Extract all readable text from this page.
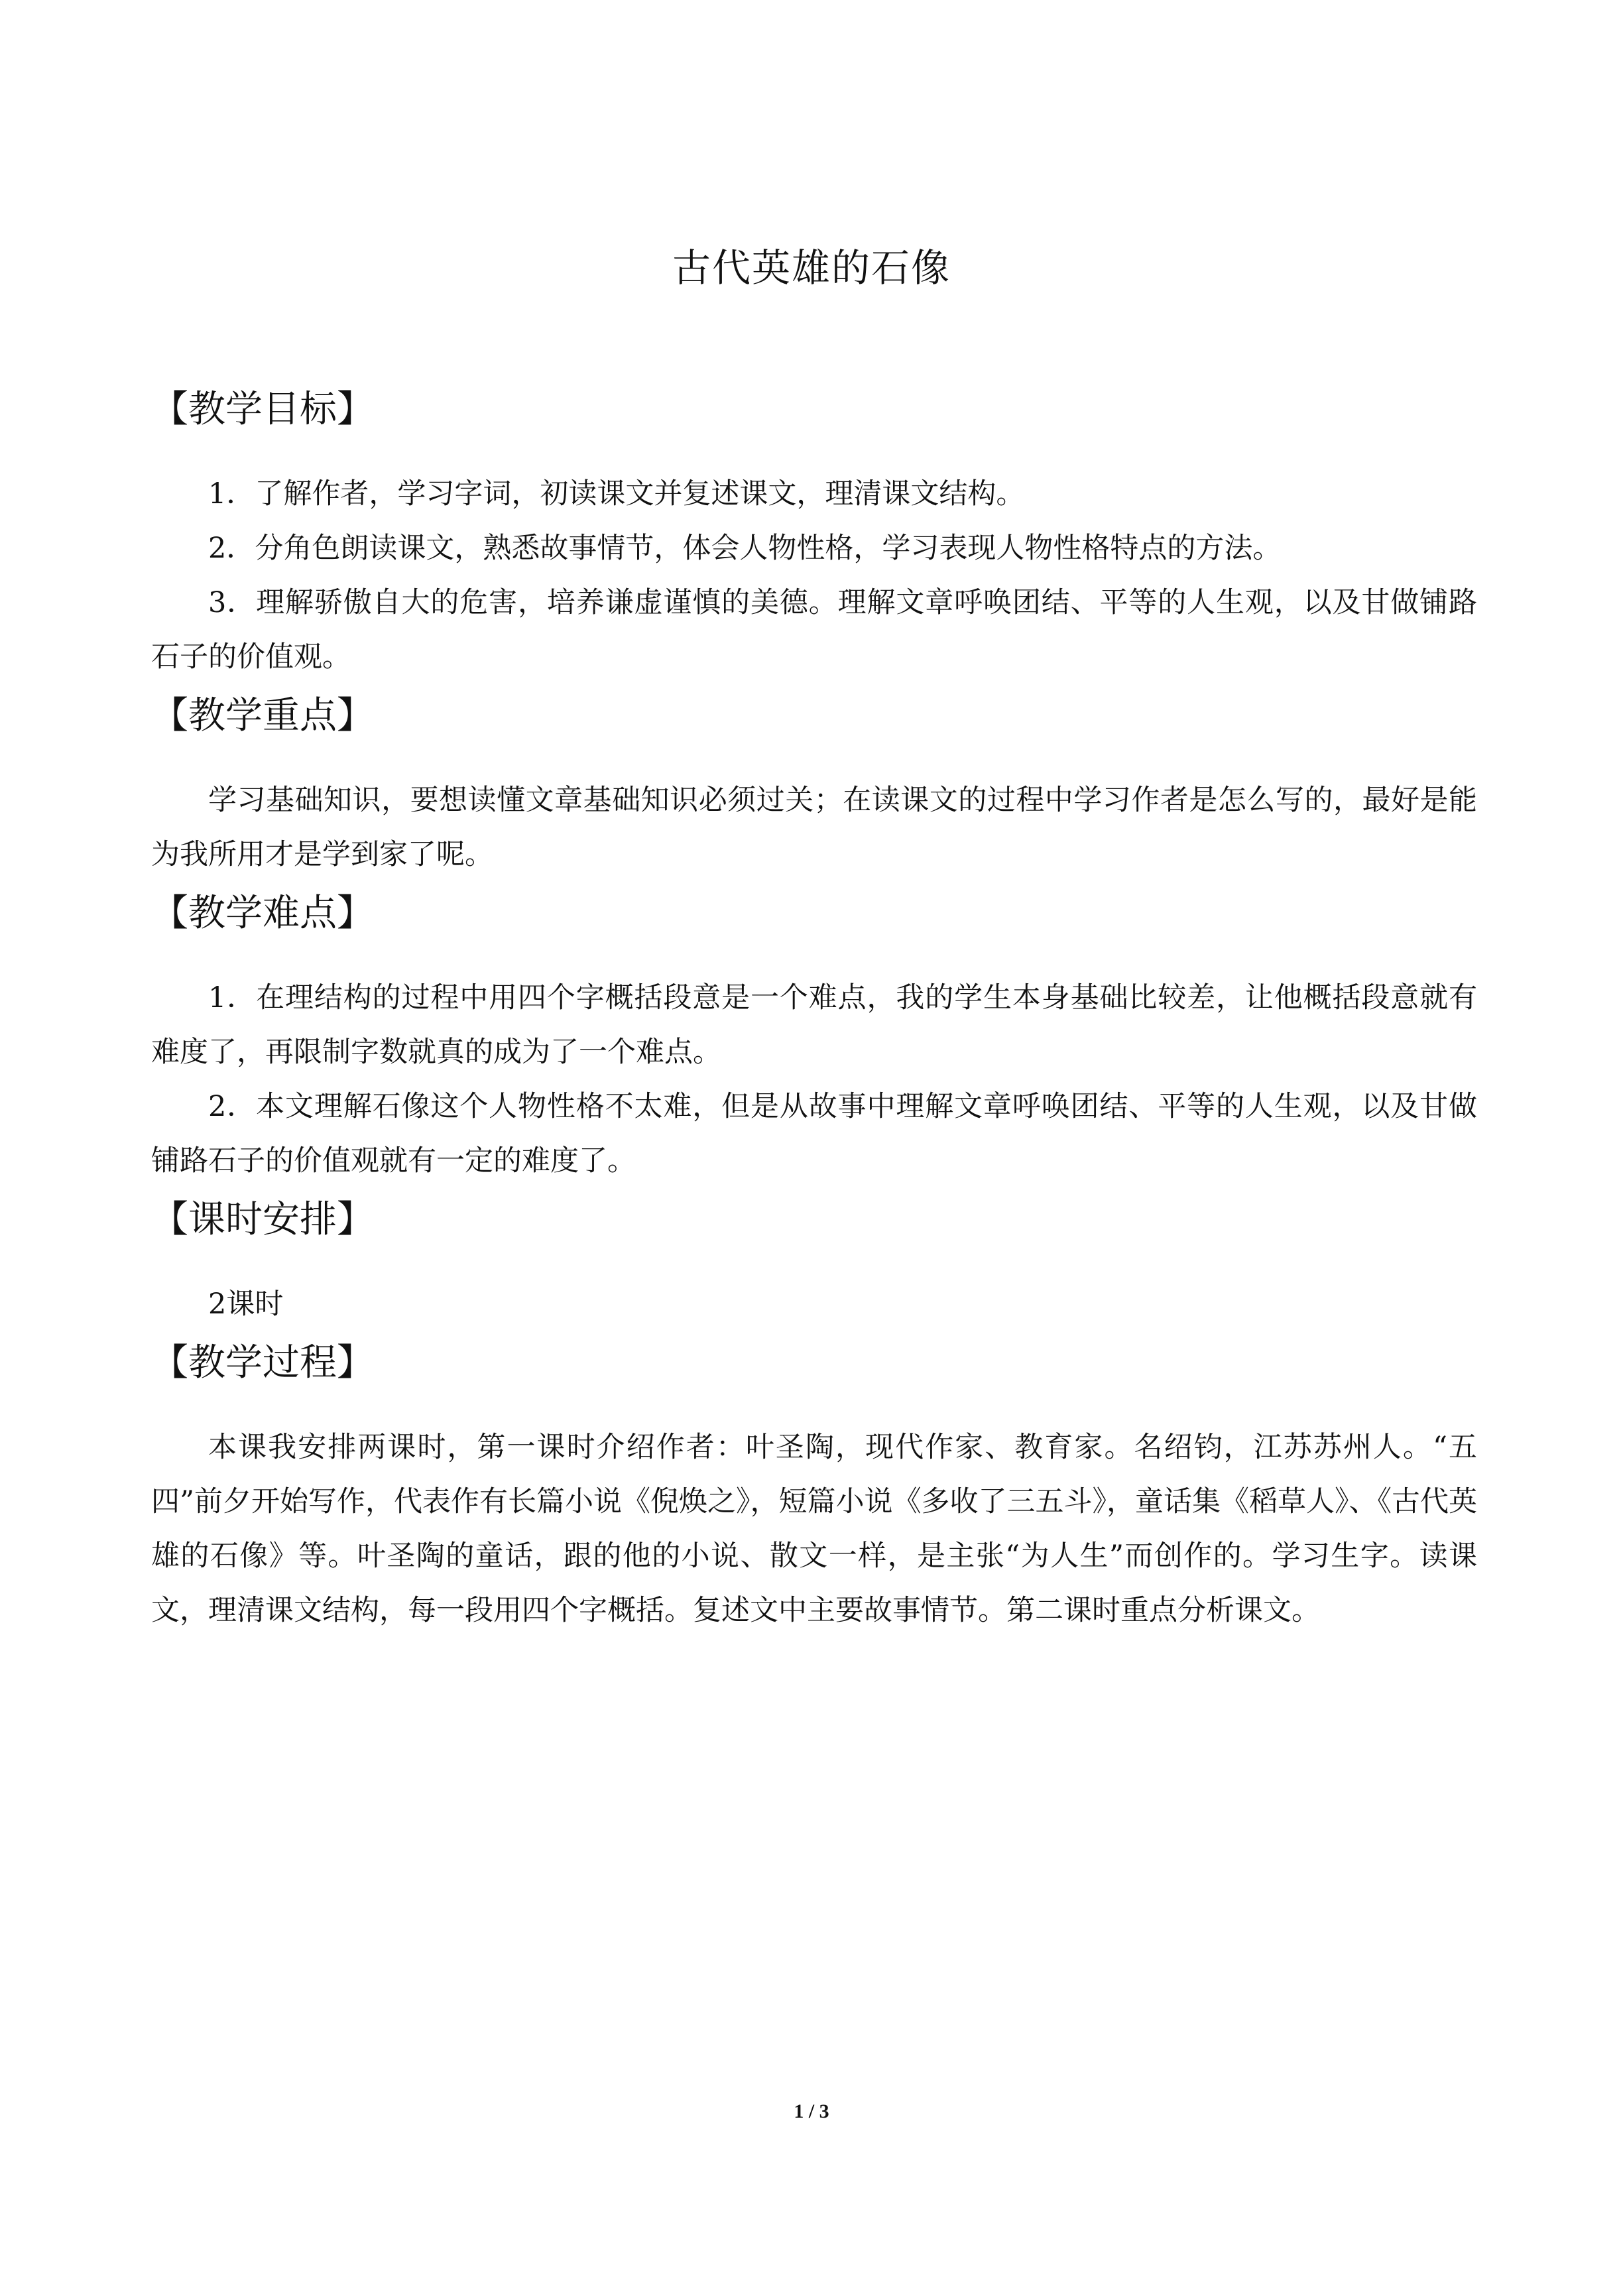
古代英雄的石像
【教学目标】

1．了解作者，学习字词，初读课文并复述课文，理清课文结构。

2．分角色朗读课文，熟悉故事情节，体会人物性格，学习表现人物性格特点的方法。

3．理解骄傲自大的危害，培养谦虚谨慎的美德。理解文章呼唤团结、平等的人生观，以及甘做铺路石子的价值观。

【教学重点】

学习基础知识，要想读懂文章基础知识必须过关；在读课文的过程中学习作者是怎么写的，最好是能为我所用才是学到家了呢。

【教学难点】

1．在理结构的过程中用四个字概括段意是一个难点，我的学生本身基础比较差，让他概括段意就有难度了，再限制字数就真的成为了一个难点。

2．本文理解石像这个人物性格不太难，但是从故事中理解文章呼唤团结、平等的人生观，以及甘做铺路石子的价值观就有一定的难度了。

【课时安排】

2课时

【教学过程】

本课我安排两课时，第一课时介绍作者：叶圣陶，现代作家、教育家。名绍钧，江苏苏州人。“五四”前夕开始写作，代表作有长篇小说《倪焕之》，短篇小说《多收了三五斗》，童话集《稻草人》、《古代英雄的石像》等。叶圣陶的童话，跟的他的小说、散文一样，是主张“为人生”而创作的。学习生字。读课文，理清课文结构，每一段用四个字概括。复述文中主要故事情节。第二课时重点分析课文。

1 / 3
